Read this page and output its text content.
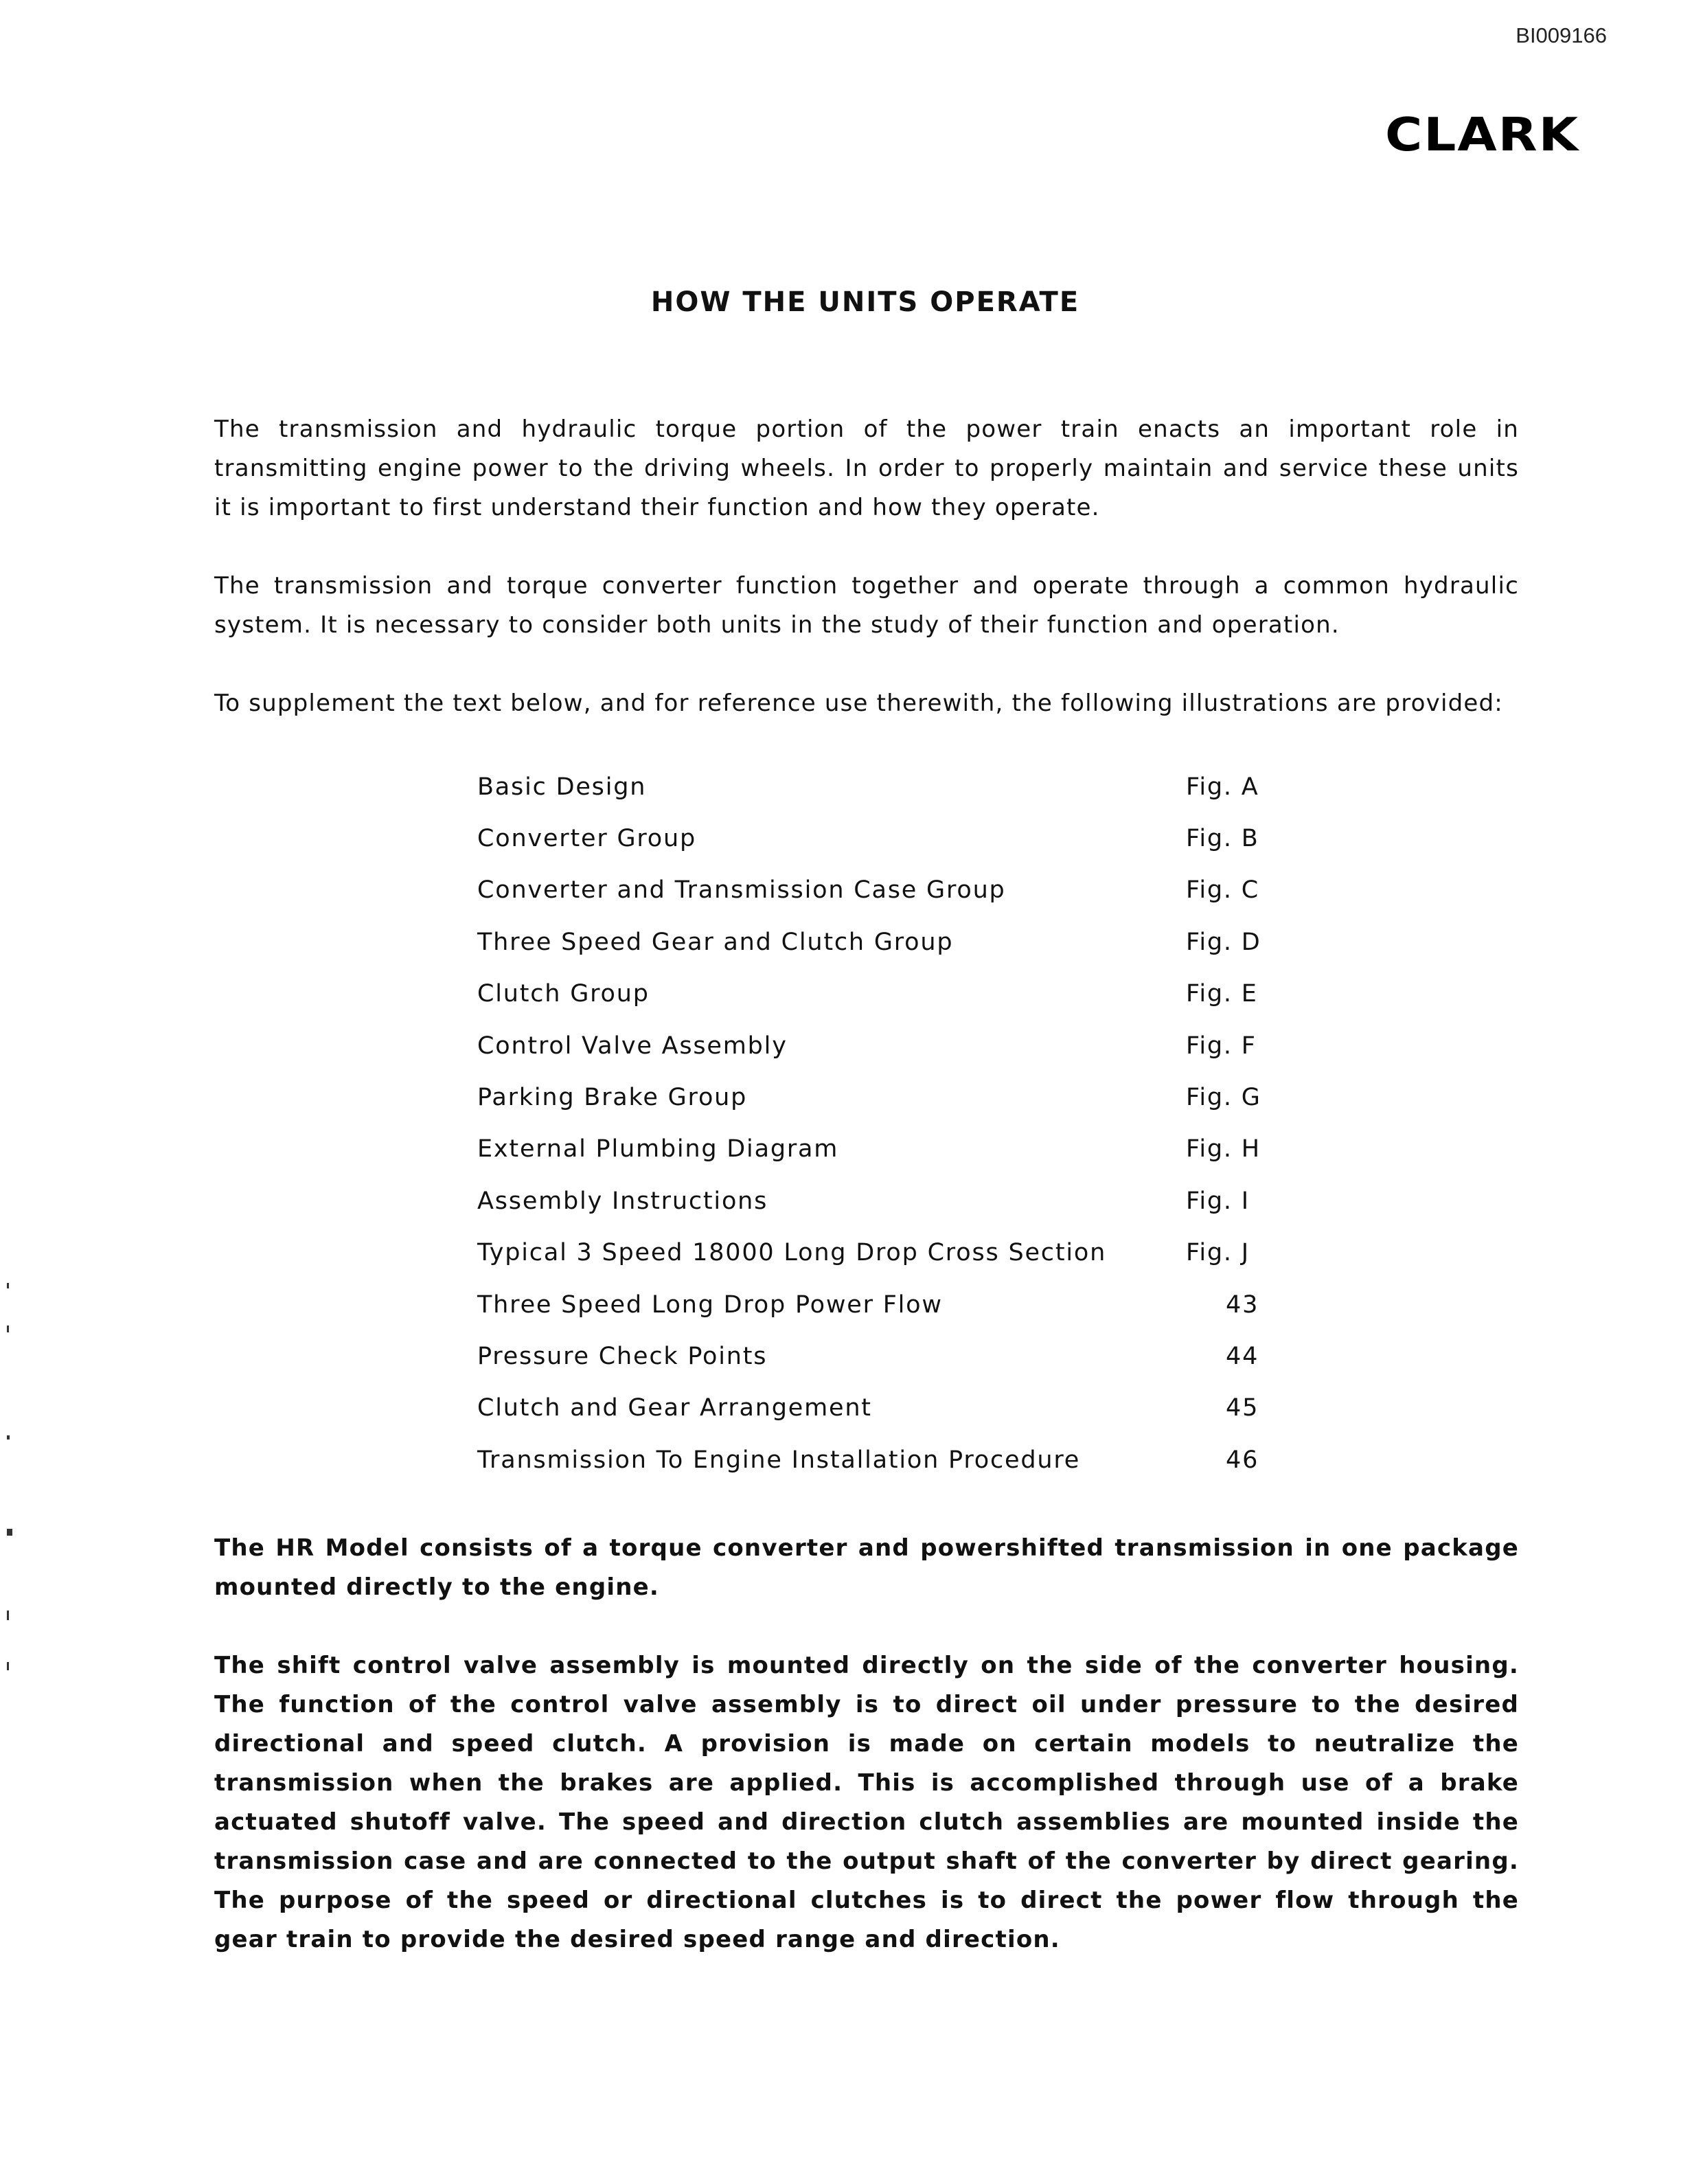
BI009166
CLARK
HOW THE UNITS OPERATE

The transmission and hydraulic torque portion of the power train enacts an important role in transmitting engine power to the driving wheels. In order to properly maintain and service these units it is important to first understand their function and how they operate.

The transmission and torque converter function together and operate through a common hydraulic system. It is necessary to consider both units in the study of their function and operation.

To supplement the text below, and for reference use therewith, the following illustrations are provided:

Basic Design	Fig. A
Converter Group	Fig. B
Converter and Transmission Case Group	Fig. C
Three Speed Gear and Clutch Group	Fig. D
Clutch Group	Fig. E
Control Valve Assembly	Fig. F
Parking Brake Group	Fig. G
External Plumbing Diagram	Fig. H
Assembly Instructions	Fig. I
Typical 3 Speed 18000 Long Drop Cross Section	Fig. J
Three Speed Long Drop Power Flow	43
Pressure Check Points	44
Clutch and Gear Arrangement	45
Transmission To Engine Installation Procedure	46

The HR Model consists of a torque converter and powershifted transmission in one package mounted directly to the engine.

The shift control valve assembly is mounted directly on the side of the converter housing. The function of the control valve assembly is to direct oil under pressure to the desired directional and speed clutch. A provision is made on certain models to neutralize the transmission when the brakes are applied. This is accomplished through use of a brake actuated shutoff valve. The speed and direction clutch assemblies are mounted inside the transmission case and are connected to the output shaft of the converter by direct gearing. The purpose of the speed or directional clutches is to direct the power flow through the gear train to provide the desired speed range and direction.
